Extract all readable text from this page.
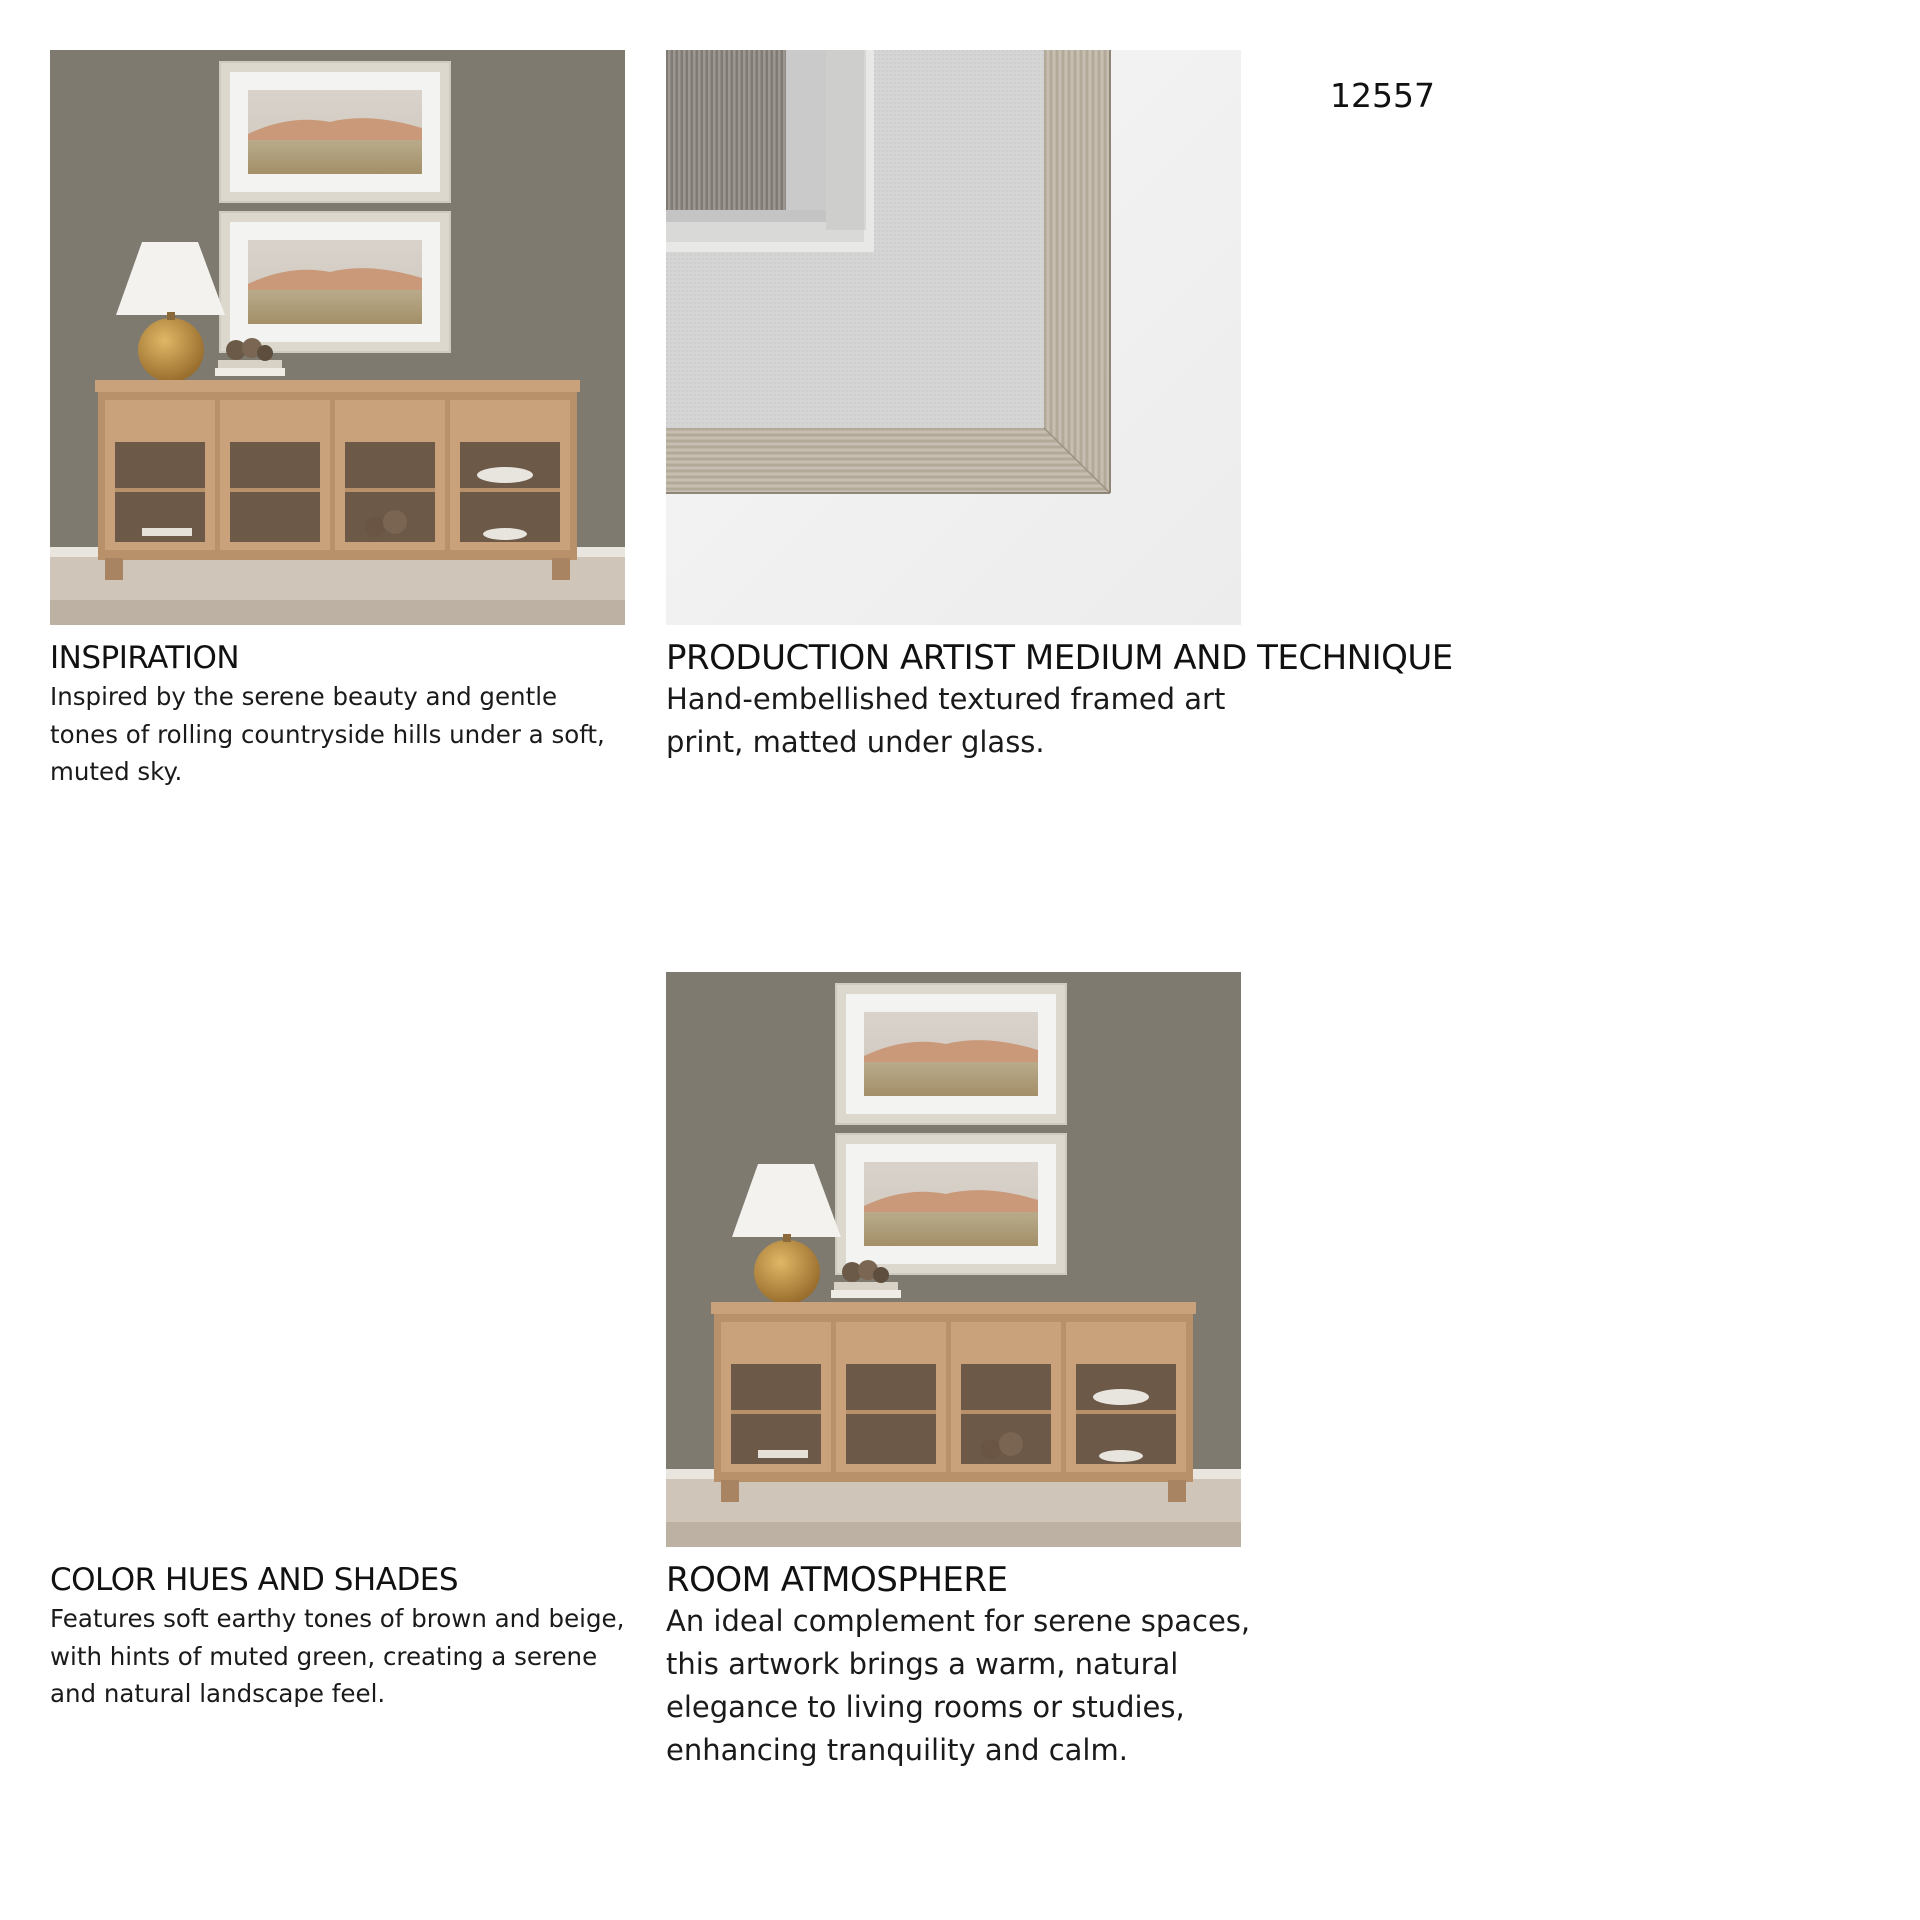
12557
INSPIRATION

Inspired by the serene beauty and gentle tones of rolling countryside hills under a soft, muted sky.

PRODUCTION ARTIST MEDIUM AND TECHNIQUE

Hand-embellished textured framed art print, matted under glass.

COLOR HUES AND SHADES

Features soft earthy tones of brown and beige, with hints of muted green, creating a serene and natural landscape feel.

ROOM ATMOSPHERE

An ideal complement for serene spaces, this artwork brings a warm, natural elegance to living rooms or studies, enhancing tranquility and calm.
